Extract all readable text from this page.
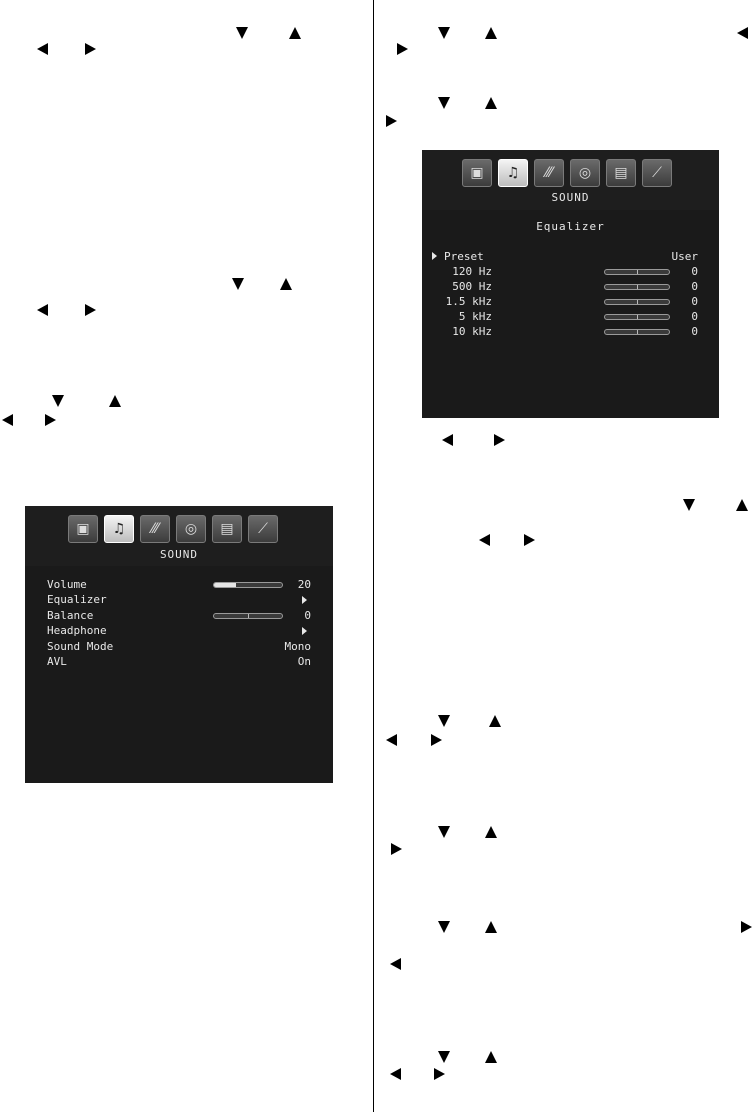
▣	♫	⁄⁄⁄	◎	▤	⟋
SOUND
Volume	20
Equalizer
Balance	0
Headphone
Sound Mode	Mono
AVL	On
▣	♫	⁄⁄⁄	◎	▤	⟋
SOUND
Equalizer
Preset	User
120 Hz	0
500 Hz	0
1.5 kHz	0
5 kHz	0
10 kHz	0
